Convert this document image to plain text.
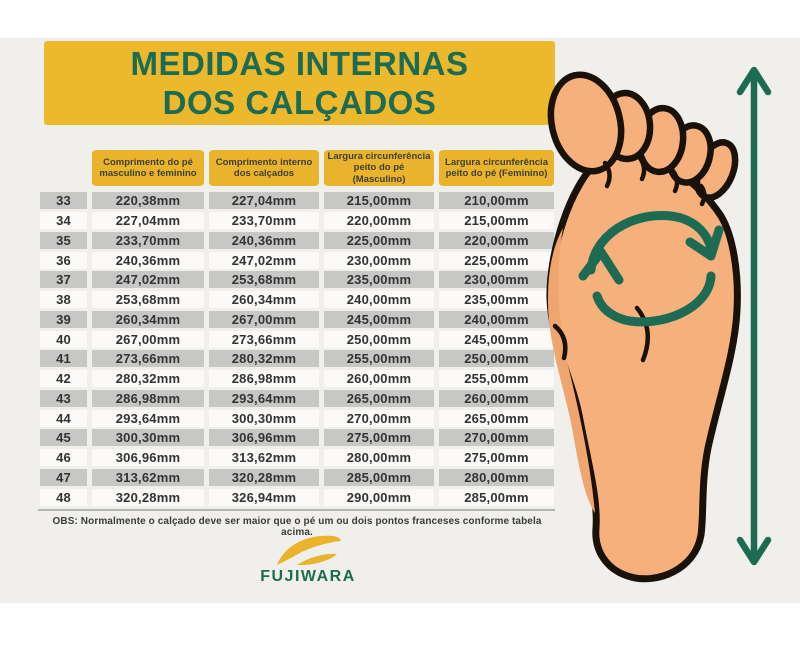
MEDIDAS INTERNAS
DOS CALÇADOS
Comprimento do pé masculino e feminino
Comprimento interno dos calçados
Largura circunferência peito do pé (Masculino)
Largura circunferência peito do pé (Feminino)
33	220,38mm	227,04mm	215,00mm	210,00mm
34	227,04mm	233,70mm	220,00mm	215,00mm
35	233,70mm	240,36mm	225,00mm	220,00mm
36	240,36mm	247,02mm	230,00mm	225,00mm
37	247,02mm	253,68mm	235,00mm	230,00mm
38	253,68mm	260,34mm	240,00mm	235,00mm
39	260,34mm	267,00mm	245,00mm	240,00mm
40	267,00mm	273,66mm	250,00mm	245,00mm
41	273,66mm	280,32mm	255,00mm	250,00mm
42	280,32mm	286,98mm	260,00mm	255,00mm
43	286,98mm	293,64mm	265,00mm	260,00mm
44	293,64mm	300,30mm	270,00mm	265,00mm
45	300,30mm	306,96mm	275,00mm	270,00mm
46	306,96mm	313,62mm	280,00mm	275,00mm
47	313,62mm	320,28mm	285,00mm	280,00mm
48	320,28mm	326,94mm	290,00mm	285,00mm
OBS: Normalmente o calçado deve ser maior que o pé um ou dois pontos franceses conforme tabela acima.
FUJIWARA
